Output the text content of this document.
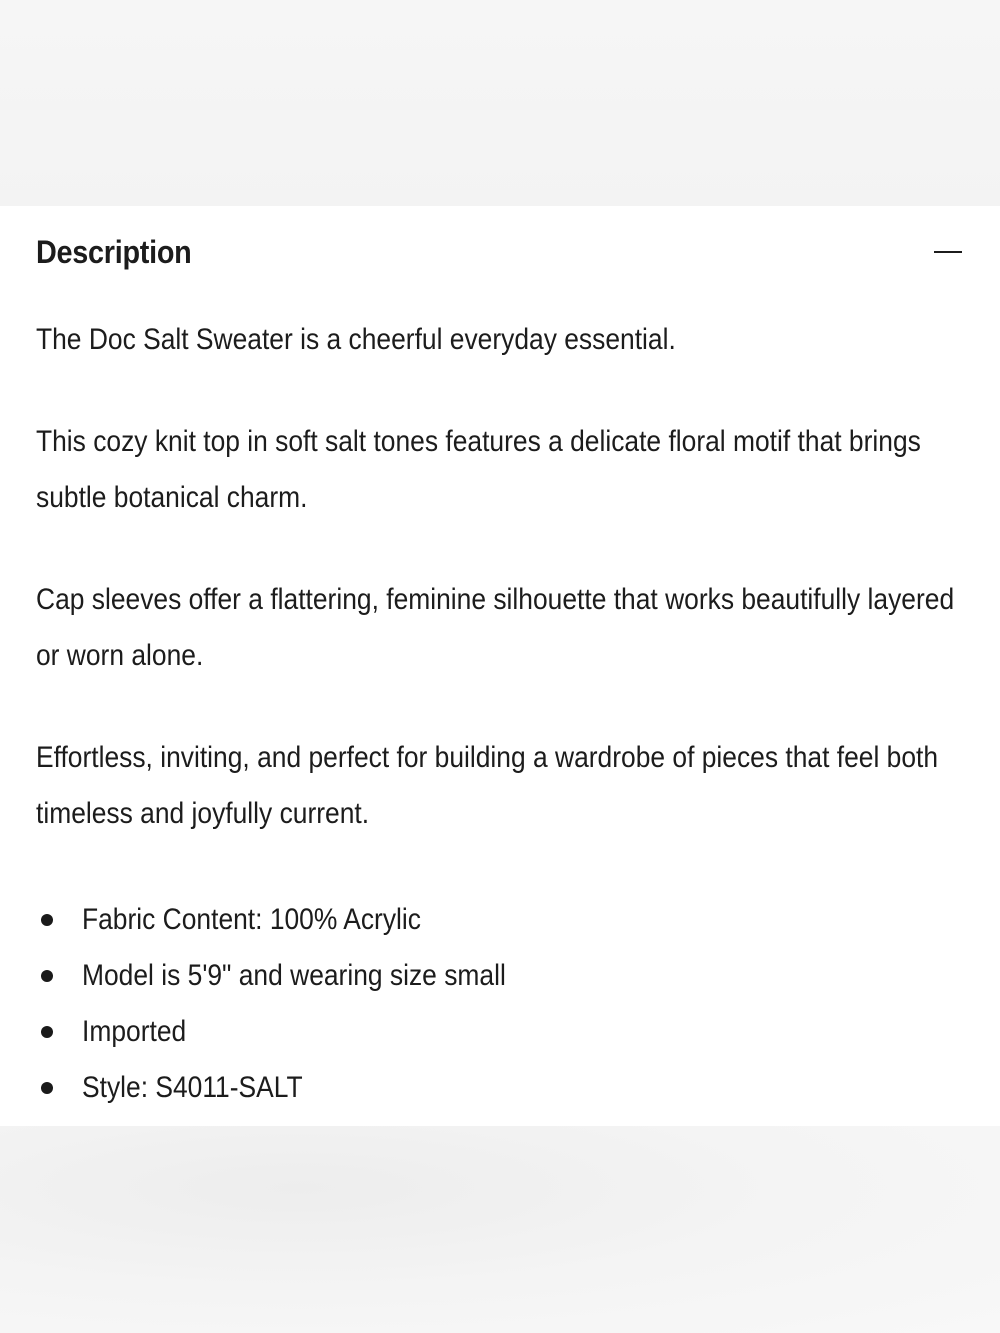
Description

The Doc Salt Sweater is a cheerful everyday essential.

This cozy knit top in soft salt tones features a delicate floral motif that brings subtle botanical charm.

Cap sleeves offer a flattering, feminine silhouette that works beautifully layered or worn alone.

Effortless, inviting, and perfect for building a wardrobe of pieces that feel both timeless and joyfully current.

Fabric Content: 100% Acrylic
Model is 5'9" and wearing size small
Imported
Style: S4011-SALT
